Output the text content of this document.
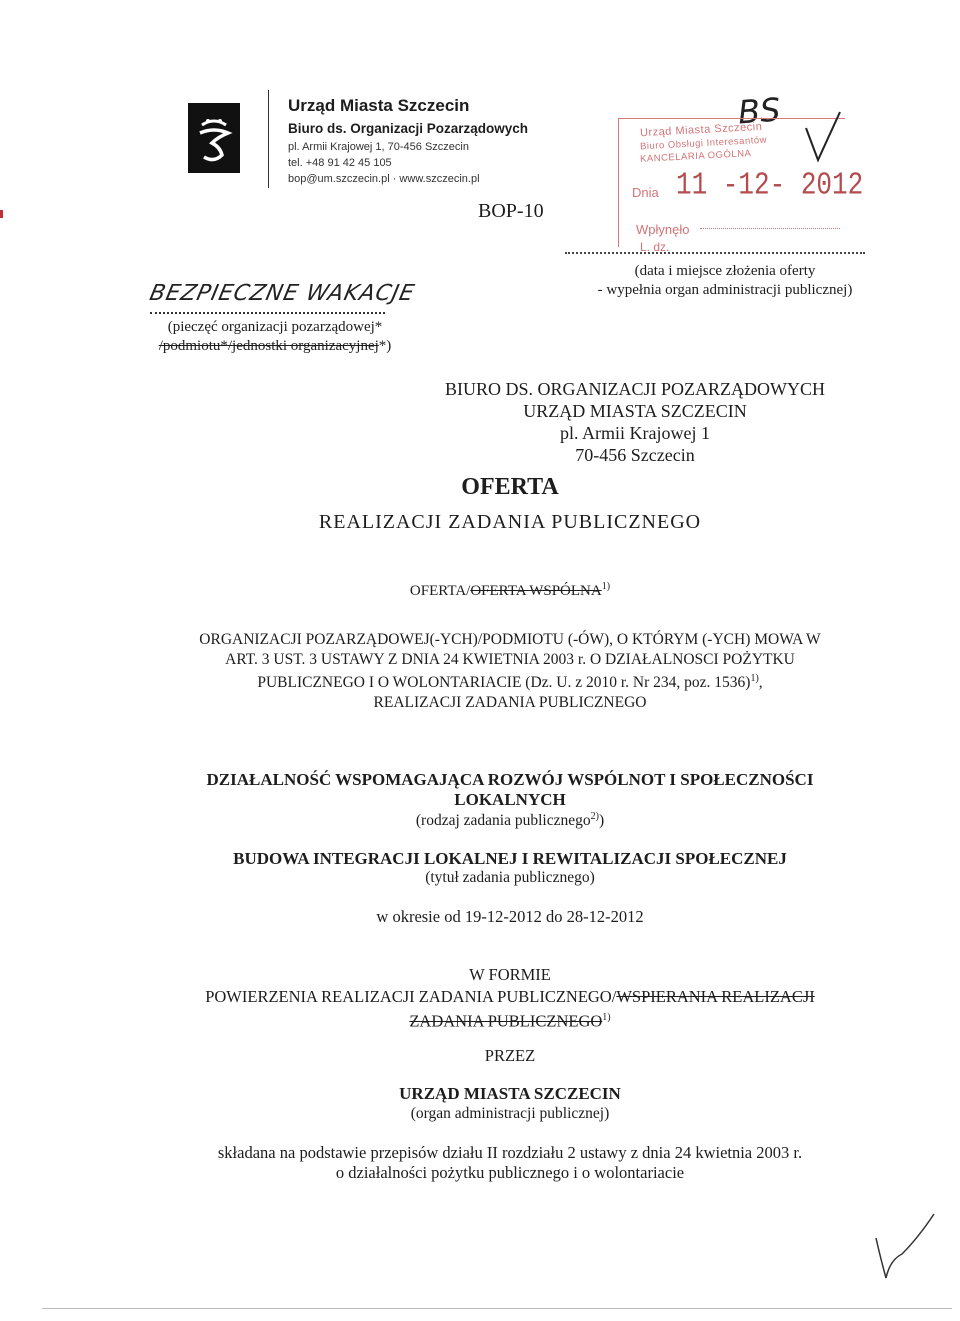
Urząd Miasta Szczecin
Biuro ds. Organizacji Pozarządowych
pl. Armii Krajowej 1, 70-456 Szczecin
tel. +48 91 42 45 105
bop@um.szczecin.pl · www.szczecin.pl
BOP-10
BS
Urząd Miasta Szczecin
Biuro Obsługi Interesantów
KANCELARIA OGÓLNA
Dnia 11 -12- 2012
Wpłynęło
L. dz.
(data i miejsce złożenia oferty
- wypełnia organ administracji publicznej)
BEZPIECZNE WAKACJE
(pieczęć organizacji pozarządowej*
/podmiotu*/jednostki organizacyjnej*)
BIURO DS. ORGANIZACJI POZARZĄDOWYCH
URZĄD MIASTA SZCZECIN
pl. Armii Krajowej 1
70-456 Szczecin
OFERTA
REALIZACJI ZADANIA PUBLICZNEGO
OFERTA/OFERTA WSPÓLNA$^{1)}$
ORGANIZACJI POZARZĄDOWEJ(-YCH)/PODMIOTU (-ÓW), O KTÓRYM (-YCH) MOWA W
ART. 3 UST. 3 USTAWY Z DNIA 24 KWIETNIA 2003 r. O DZIAŁALNOSCI POŻYTKU
PUBLICZNEGO I O WOLONTARIACIE (Dz. U. z 2010 r. Nr 234, poz. 1536)$^{1)}$,
REALIZACJI ZADANIA PUBLICZNEGO
DZIAŁALNOŚĆ WSPOMAGAJĄCA ROZWÓJ WSPÓLNOT I SPOŁECZNOŚCI
LOKALNYCH
(rodzaj zadania publicznego$^{2)}$)
BUDOWA INTEGRACJI LOKALNEJ I REWITALIZACJI SPOŁECZNEJ
(tytuł zadania publicznego)
w okresie od 19-12-2012 do 28-12-2012
W FORMIE
POWIERZENIA REALIZACJI ZADANIA PUBLICZNEGO/WSPIERANIA REALIZACJI
ZADANIA PUBLICZNEGO$^{1)}$
PRZEZ
URZĄD MIASTA SZCZECIN
(organ administracji publicznej)
składana na podstawie przepisów działu II rozdziału 2 ustawy z dnia 24 kwietnia 2003 r.
o działalności pożytku publicznego i o wolontariacie
